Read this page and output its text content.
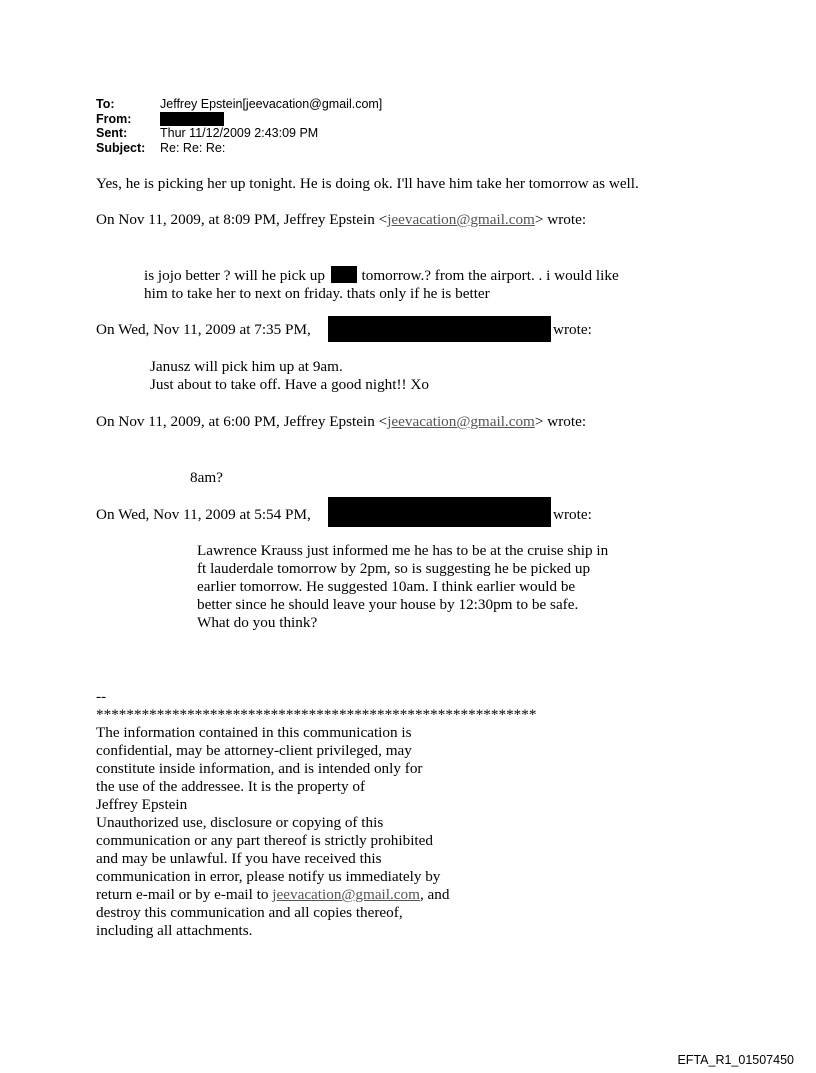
To:	Jeffrey Epstein[jeevacation@gmail.com]
From:
Sent:	Thur 11/12/2009 2:43:09 PM
Subject:	Re: Re: Re:
Yes, he is picking her up tonight. He is doing ok. I'll have him take her tomorrow as well.
On Nov 11, 2009, at 8:09 PM, Jeffrey Epstein <jeevacation@gmail.com> wrote:
is jojo better ? will he pick up tomorrow.? from the airport. . i would like
him to take her to next on friday. thats only if he is better
On Wed, Nov 11, 2009 at 7:35 PM,	wrote:
Janusz will pick him up at 9am.
Just about to take off. Have a good night!! Xo
On Nov 11, 2009, at 6:00 PM, Jeffrey Epstein <jeevacation@gmail.com> wrote:
8am?
On Wed, Nov 11, 2009 at 5:54 PM,	wrote:
Lawrence Krauss just informed me he has to be at the cruise ship in
ft lauderdale tomorrow by 2pm, so is suggesting he be picked up
earlier tomorrow. He suggested 10am. I think earlier would be
better since he should leave your house by 12:30pm to be safe.
What do you think?
--
**********************************************************
The information contained in this communication is
confidential, may be attorney-client privileged, may
constitute inside information, and is intended only for
the use of the addressee. It is the property of
Jeffrey Epstein
Unauthorized use, disclosure or copying of this
communication or any part thereof is strictly prohibited
and may be unlawful. If you have received this
communication in error, please notify us immediately by
return e-mail or by e-mail to jeevacation@gmail.com, and
destroy this communication and all copies thereof,
including all attachments.
EFTA_R1_01507450
